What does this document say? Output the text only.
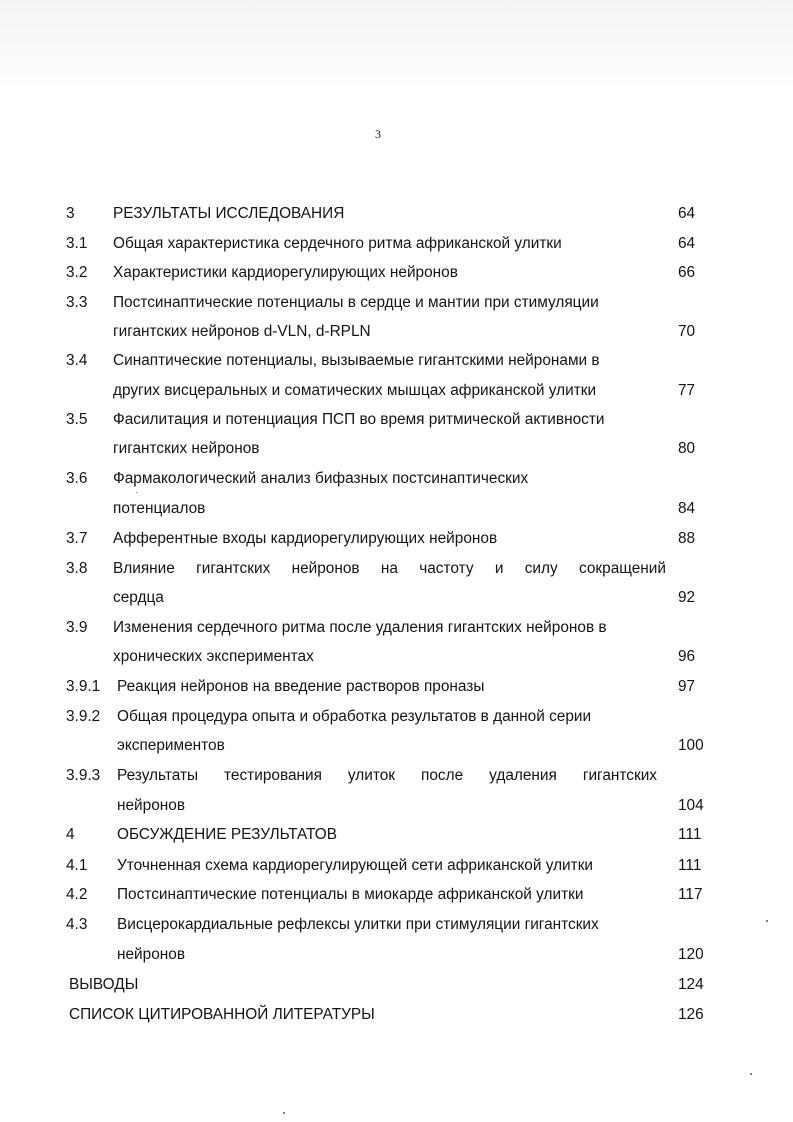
3
3 РЕЗУЛЬТАТЫ ИССЛЕДОВАНИЯ	64
3.1 Общая характеристика сердечного ритма африканской улитки	64
3.2 Характеристики кардиорегулирующих нейронов	66
3.3 Постсинаптические потенциалы в сердце и мантии при стимуляции
гигантских нейронов d-VLN, d-RPLN	70
3.4 Синаптические потенциалы, вызываемые гигантскими нейронами в
других висцеральных и соматических мышцах африканской улитки	77
3.5 Фасилитация и потенциация ПСП во время ритмической активности
гигантских нейронов	80
3.6 Фармакологический анализ бифазных постсинаптических
потенциалов	84
3.7 Афферентные входы кардиорегулирующих нейронов	88
3.8 Влияние гигантских нейронов на частоту и силу сокращений
сердца	92
3.9 Изменения сердечного ритма после удаления гигантских нейронов в
хронических экспериментах	96
3.9.1 Реакция нейронов на введение растворов проназы	97
3.9.2 Общая процедура опыта и обработка результатов в данной серии
экспериментов	100
3.9.3 Результаты тестирования улиток после удаления гигантских
нейронов	104
4	ОБСУЖДЕНИЕ РЕЗУЛЬТАТОВ	111
4.1 Уточненная схема кардиорегулирующей сети африканской улитки	111
4.2 Постсинаптические потенциалы в миокарде африканской улитки	117
4.3 Висцерокардиальные рефлексы улитки при стимуляции гигантских
нейронов	120
ВЫВОДЫ	124
СПИСОК ЦИТИРОВАННОЙ ЛИТЕРАТУРЫ	126
